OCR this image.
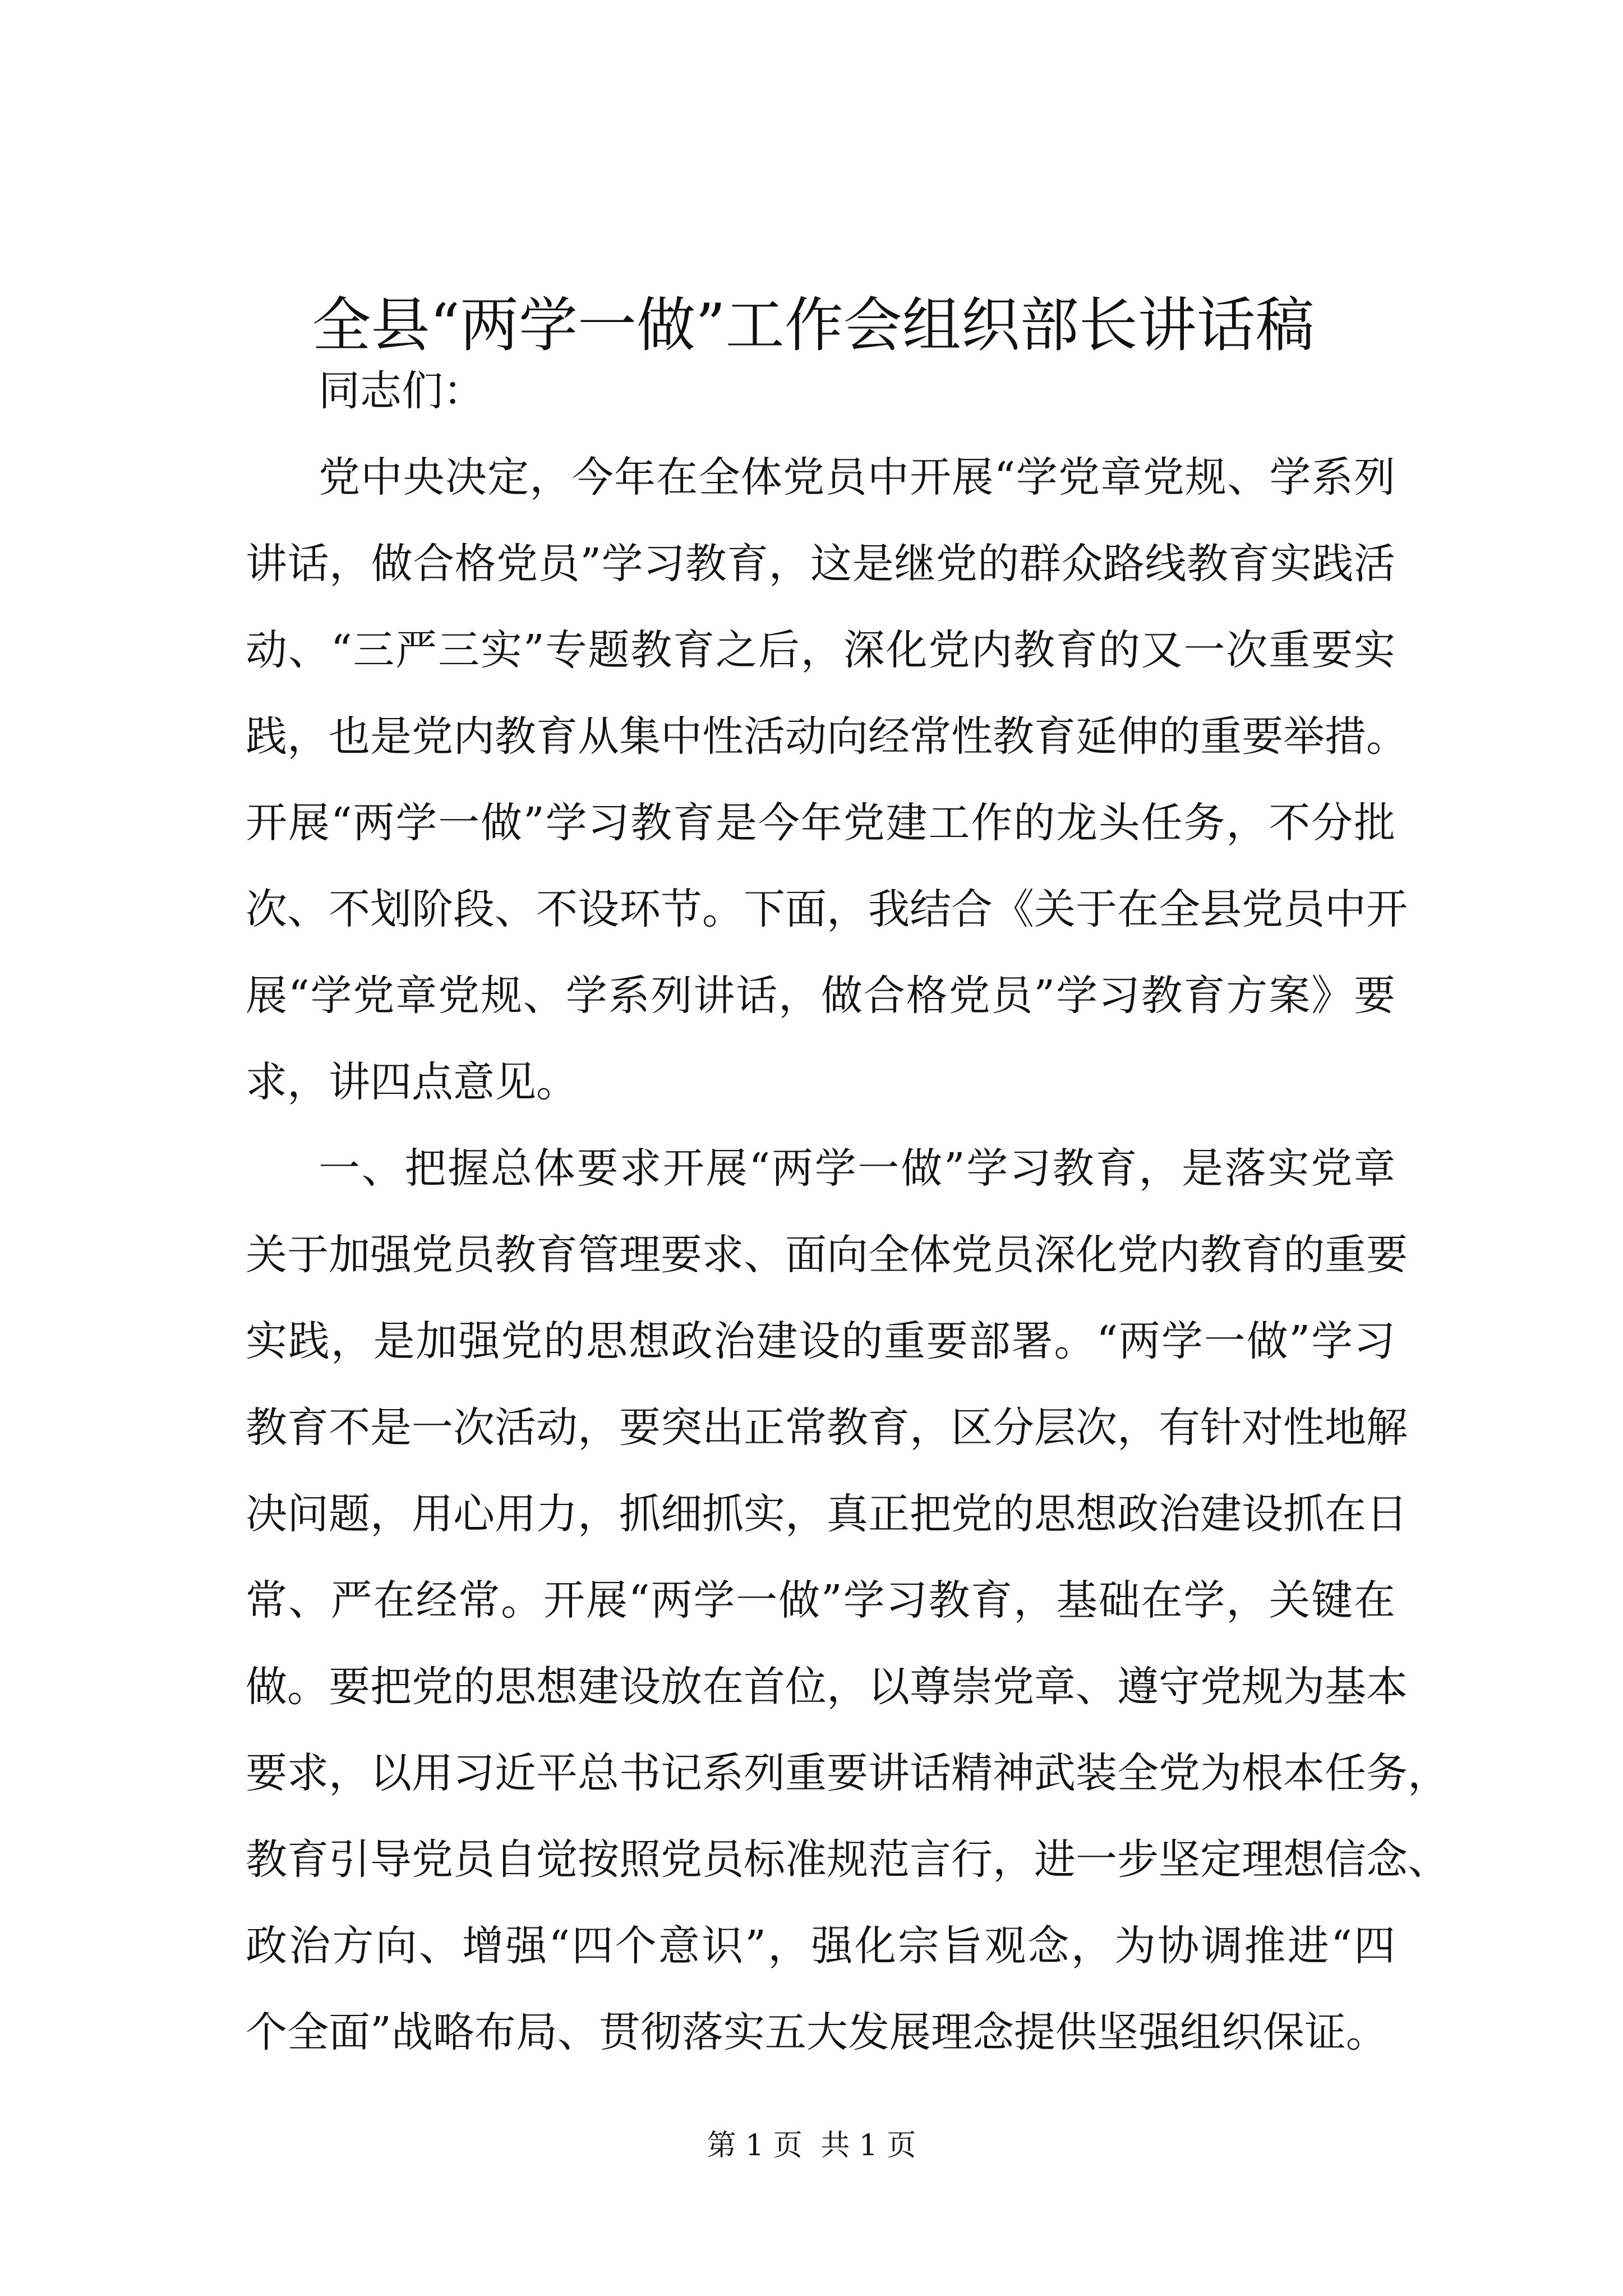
全县“两学一做”工作会组织部长讲话稿

同志们：

党中央决定，今年在全体党员中开展“学党章党规、学系列
讲话，做合格党员”学习教育，这是继党的群众路线教育实践活
动、“三严三实”专题教育之后，深化党内教育的又一次重要实
践，也是党内教育从集中性活动向经常性教育延伸的重要举措。
开展“两学一做”学习教育是今年党建工作的龙头任务，不分批
次、不划阶段、不设环节。下面，我结合《关于在全县党员中开
展“学党章党规、学系列讲话，做合格党员”学习教育方案》要
求，讲四点意见。

一、把握总体要求开展“两学一做”学习教育，是落实党章
关于加强党员教育管理要求、面向全体党员深化党内教育的重要
实践，是加强党的思想政治建设的重要部署。“两学一做”学习
教育不是一次活动，要突出正常教育，区分层次，有针对性地解
决问题，用心用力，抓细抓实，真正把党的思想政治建设抓在日
常、严在经常。开展“两学一做”学习教育，基础在学，关键在
做。要把党的思想建设放在首位，以尊崇党章、遵守党规为基本
要求，以用习近平总书记系列重要讲话精神武装全党为根本任务，
教育引导党员自觉按照党员标准规范言行，进一步坚定理想信念、
政治方向、增强“四个意识”，强化宗旨观念，为协调推进“四
个全面”战略布局、贯彻落实五大发展理念提供坚强组织保证。

第 1 页 共 1 页
